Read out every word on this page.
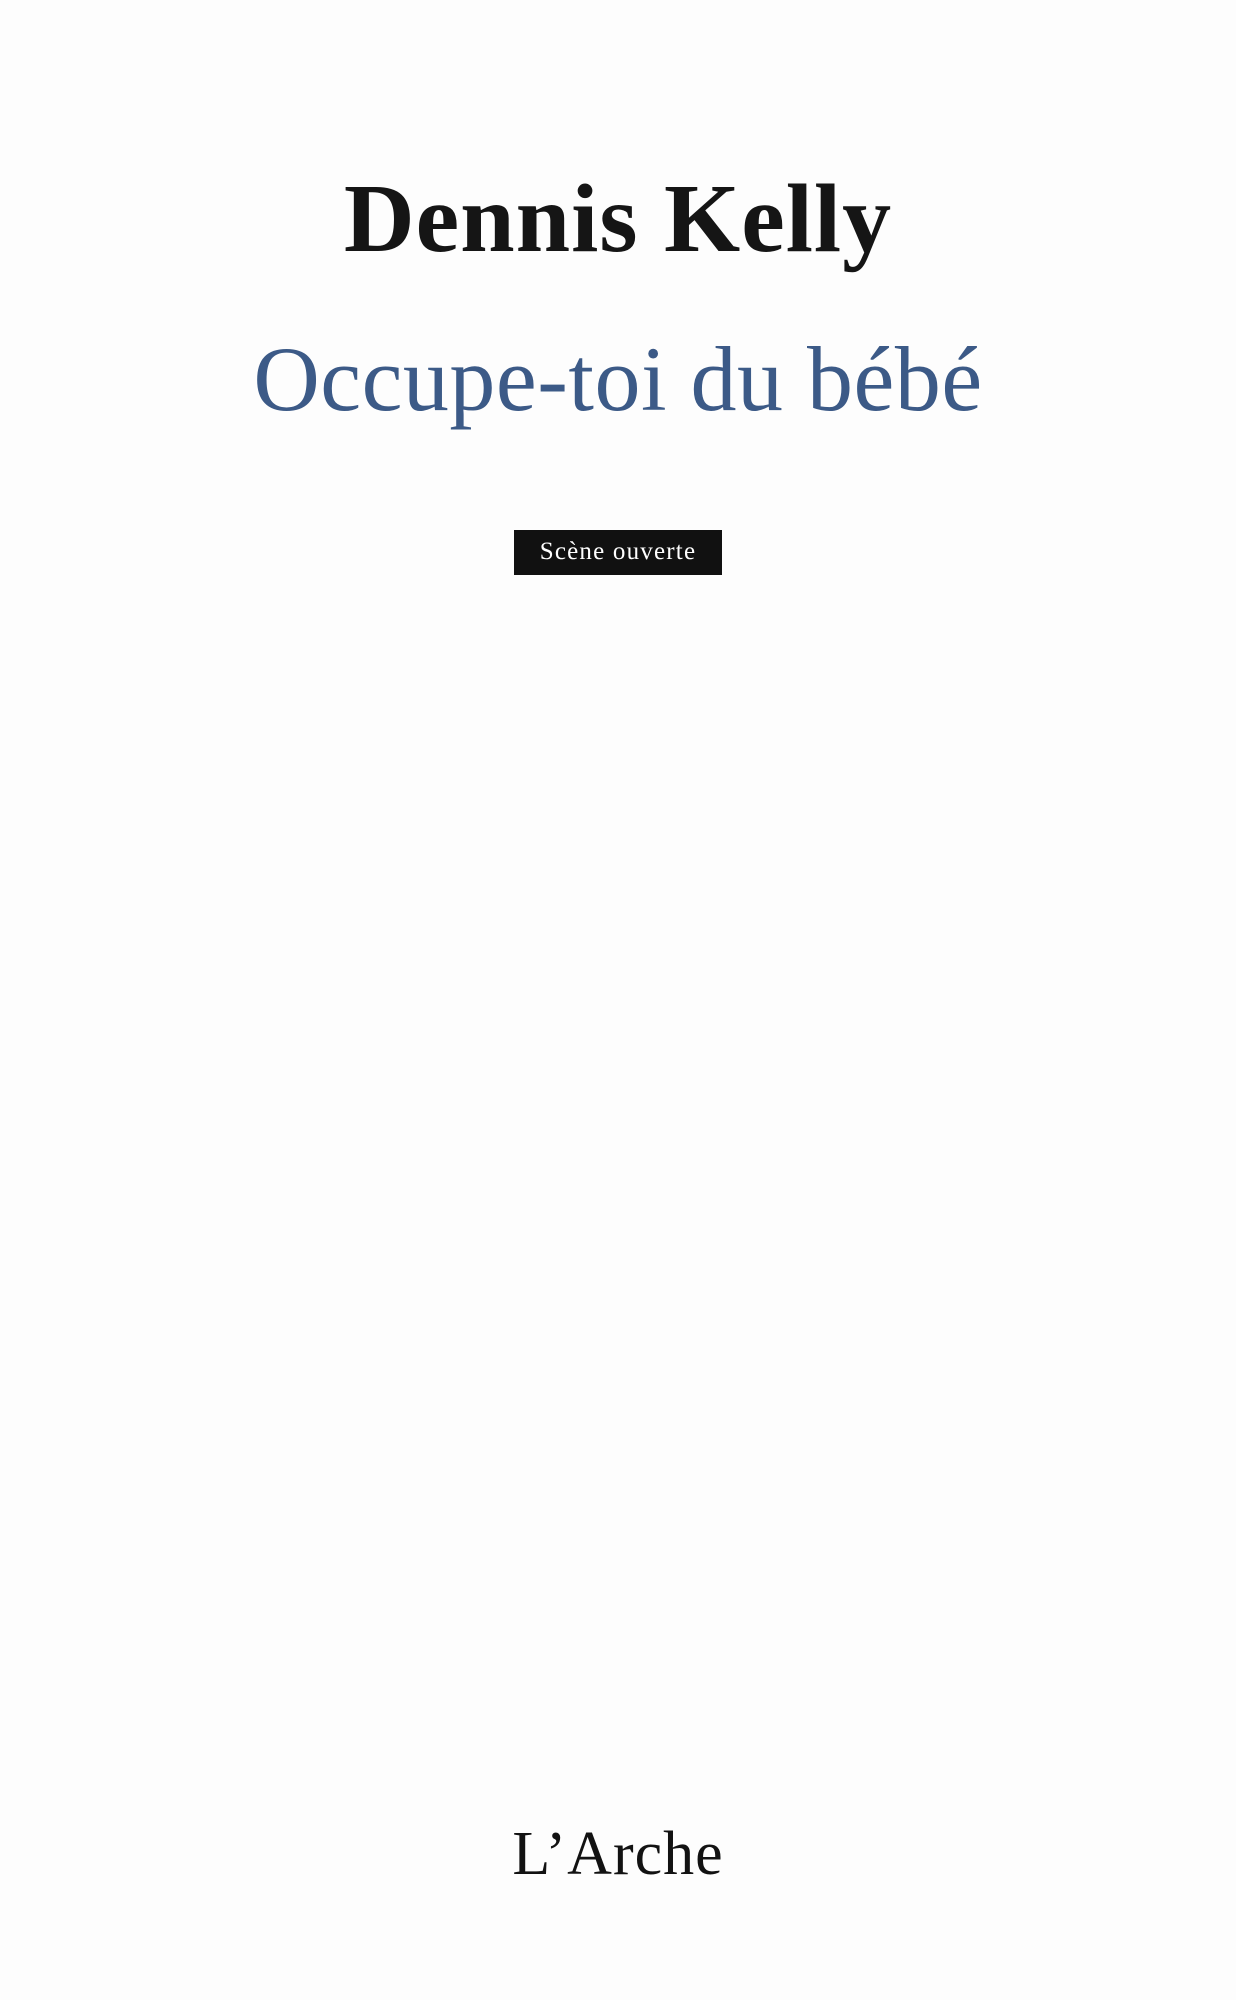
Dennis Kelly
Occupe-toi du bébé
Scène ouverte
L’Arche
